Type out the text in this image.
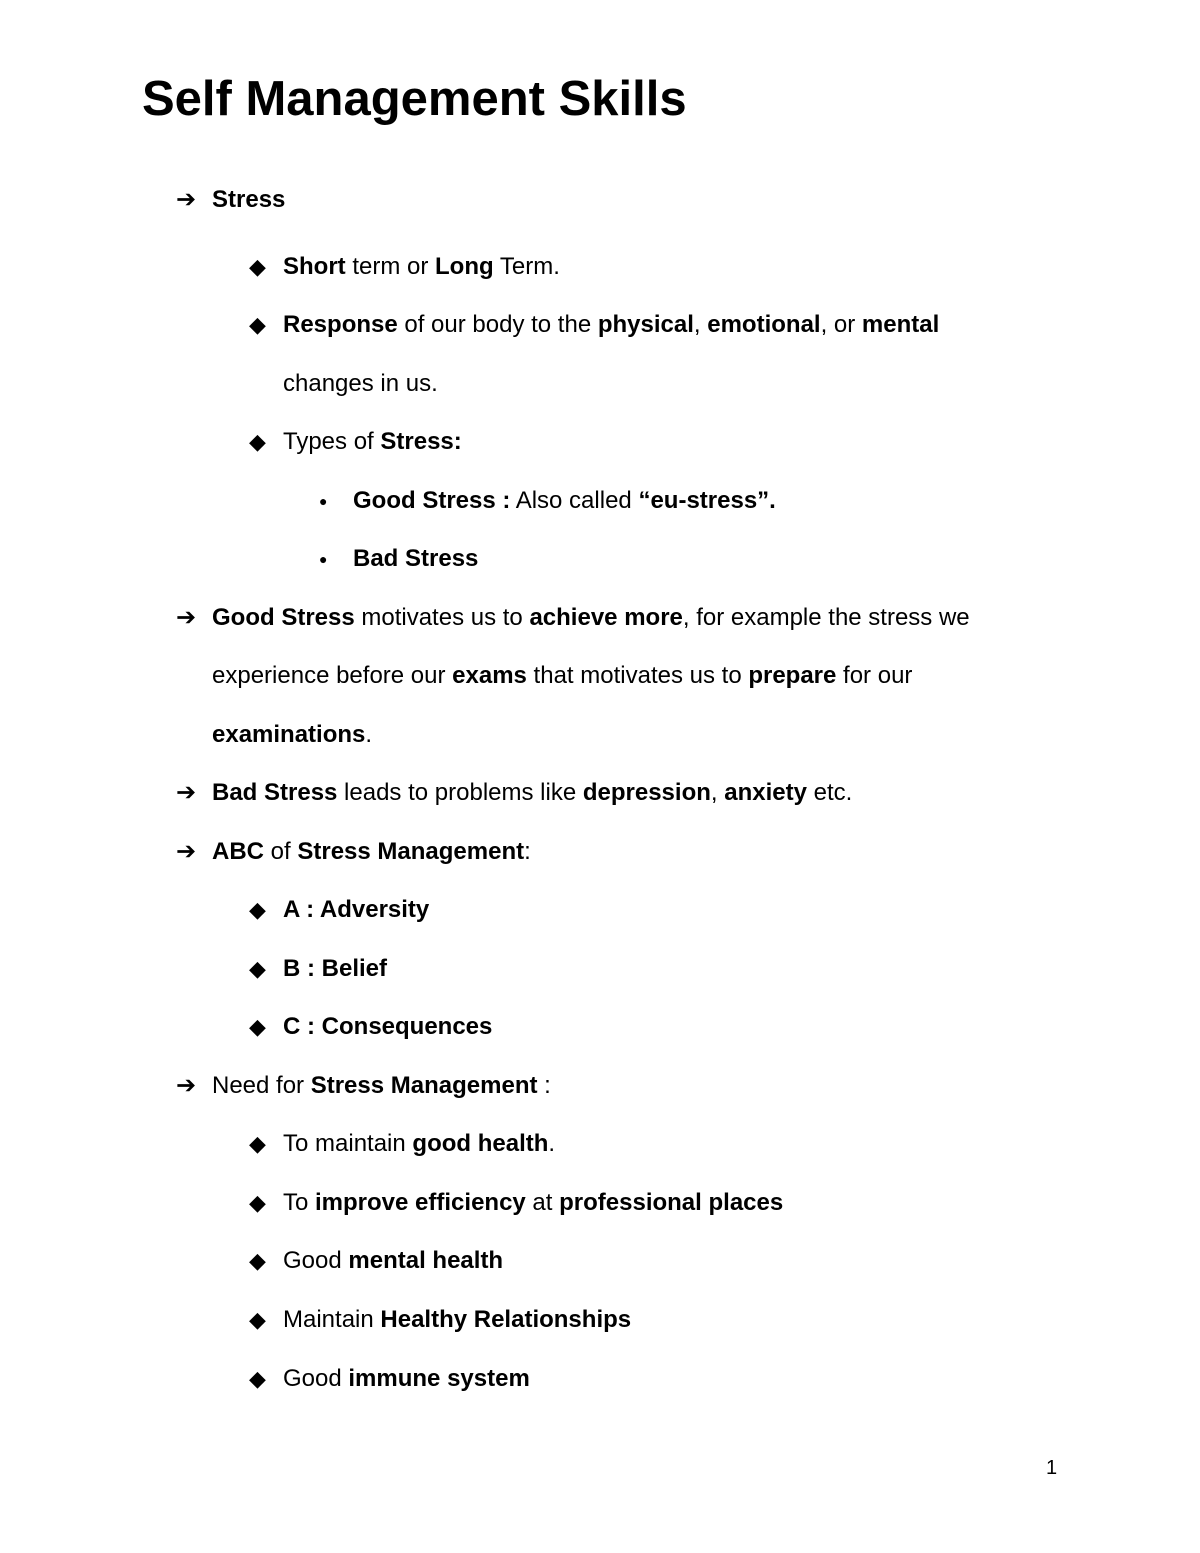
Self Management Skills
➔ Stress
◆ Short term or Long Term.
◆ Response of our body to the physical, emotional, or mental
changes in us.
◆ Types of Stress:
● Good Stress : Also called “eu-stress”.
● Bad Stress
➔ Good Stress motivates us to achieve more, for example the stress we
experience before our exams that motivates us to prepare for our
examinations.
➔ Bad Stress leads to problems like depression, anxiety etc.
➔ ABC of Stress Management:
◆ A : Adversity
◆ B : Belief
◆ C : Consequences
➔ Need for Stress Management :
◆ To maintain good health.
◆ To improve efficiency at professional places
◆ Good mental health
◆ Maintain Healthy Relationships
◆ Good immune system
1
